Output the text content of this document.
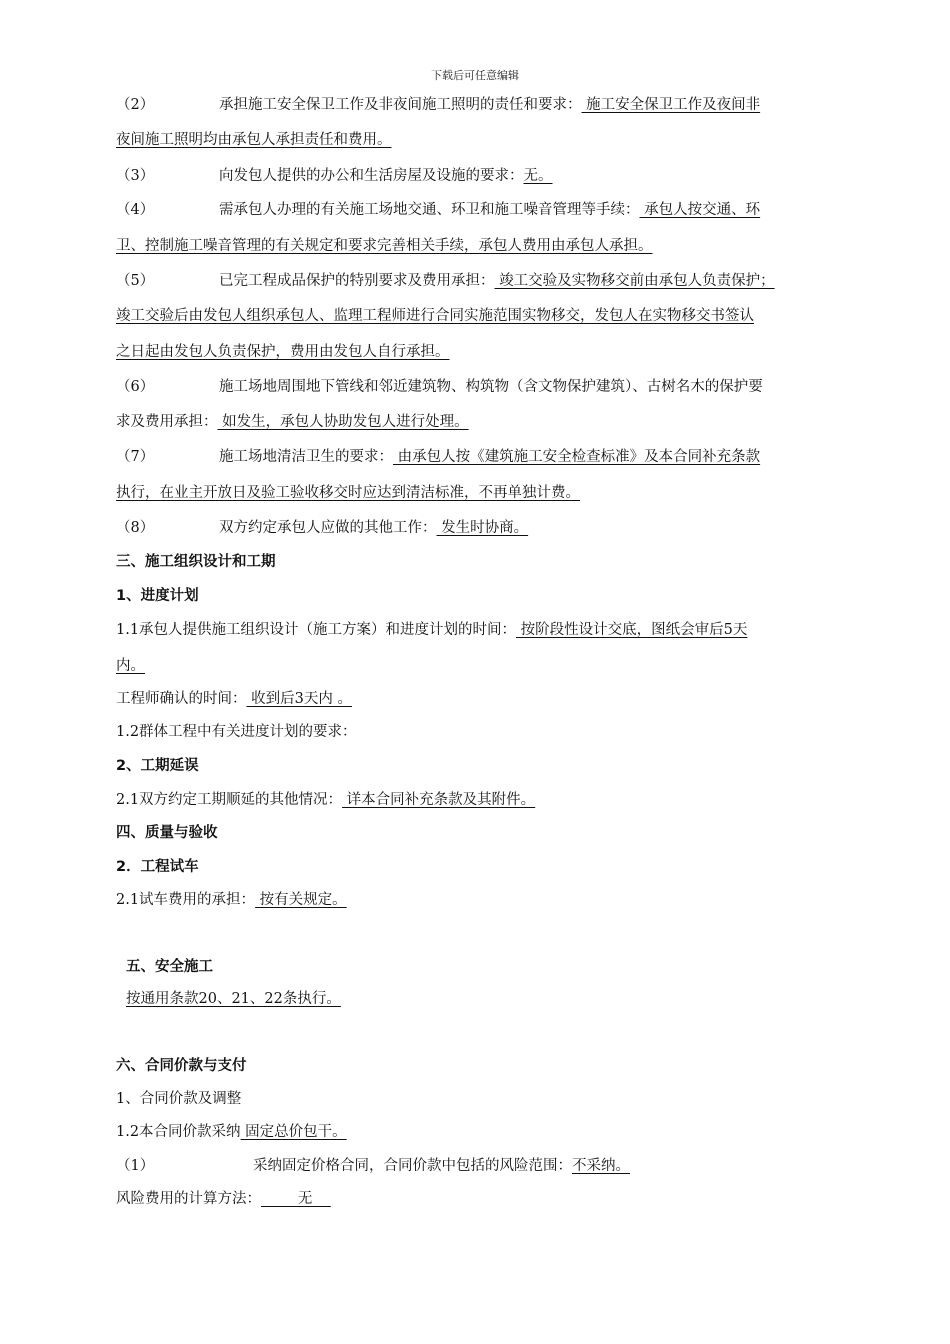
下载后可任意编辑
（2）	承担施工安全保卫工作及非夜间施工照明的责任和要求： 施工安全保卫工作及夜间非
夜间施工照明均由承包人承担责任和费用。
（3）	向发包人提供的办公和生活房屋及设施的要求：无。
（4）	需承包人办理的有关施工场地交通、环卫和施工噪音管理等手续： 承包人按交通、环
卫、控制施工噪音管理的有关规定和要求完善相关手续，承包人费用由承包人承担。
（5）	已完工程成品保护的特别要求及费用承担： 竣工交验及实物移交前由承包人负责保护；
竣工交验后由发包人组织承包人、监理工程师进行合同实施范围实物移交，发包人在实物移交书签认
之日起由发包人负责保护，费用由发包人自行承担。
（6）	施工场地周围地下管线和邻近建筑物、构筑物（含文物保护建筑）、古树名木的保护要
求及费用承担： 如发生，承包人协助发包人进行处理。
（7）	施工场地清洁卫生的要求： 由承包人按《建筑施工安全检查标准》及本合同补充条款
执行，在业主开放日及验工验收移交时应达到清洁标准，不再单独计费。
（8）	双方约定承包人应做的其他工作： 发生时协商。
三、施工组织设计和工期
1、进度计划
1.1承包人提供施工组织设计（施工方案）和进度计划的时间： 按阶段性设计交底，图纸会审后5天
内。
工程师确认的时间： 收到后3天内 。
1.2群体工程中有关进度计划的要求：
2、工期延误
2.1双方约定工期顺延的其他情况： 详本合同补充条款及其附件。
四、质量与验收
2．工程试车
2.1试车费用的承担： 按有关规定。
五、安全施工
按通用条款20、21、22条执行。
六、合同价款与支付
1、合同价款及调整
1.2本合同价款采纳 固定总价包干。
（1）	采纳固定价格合同，合同价款中包括的风险范围：不采纳。
风险费用的计算方法：        无
